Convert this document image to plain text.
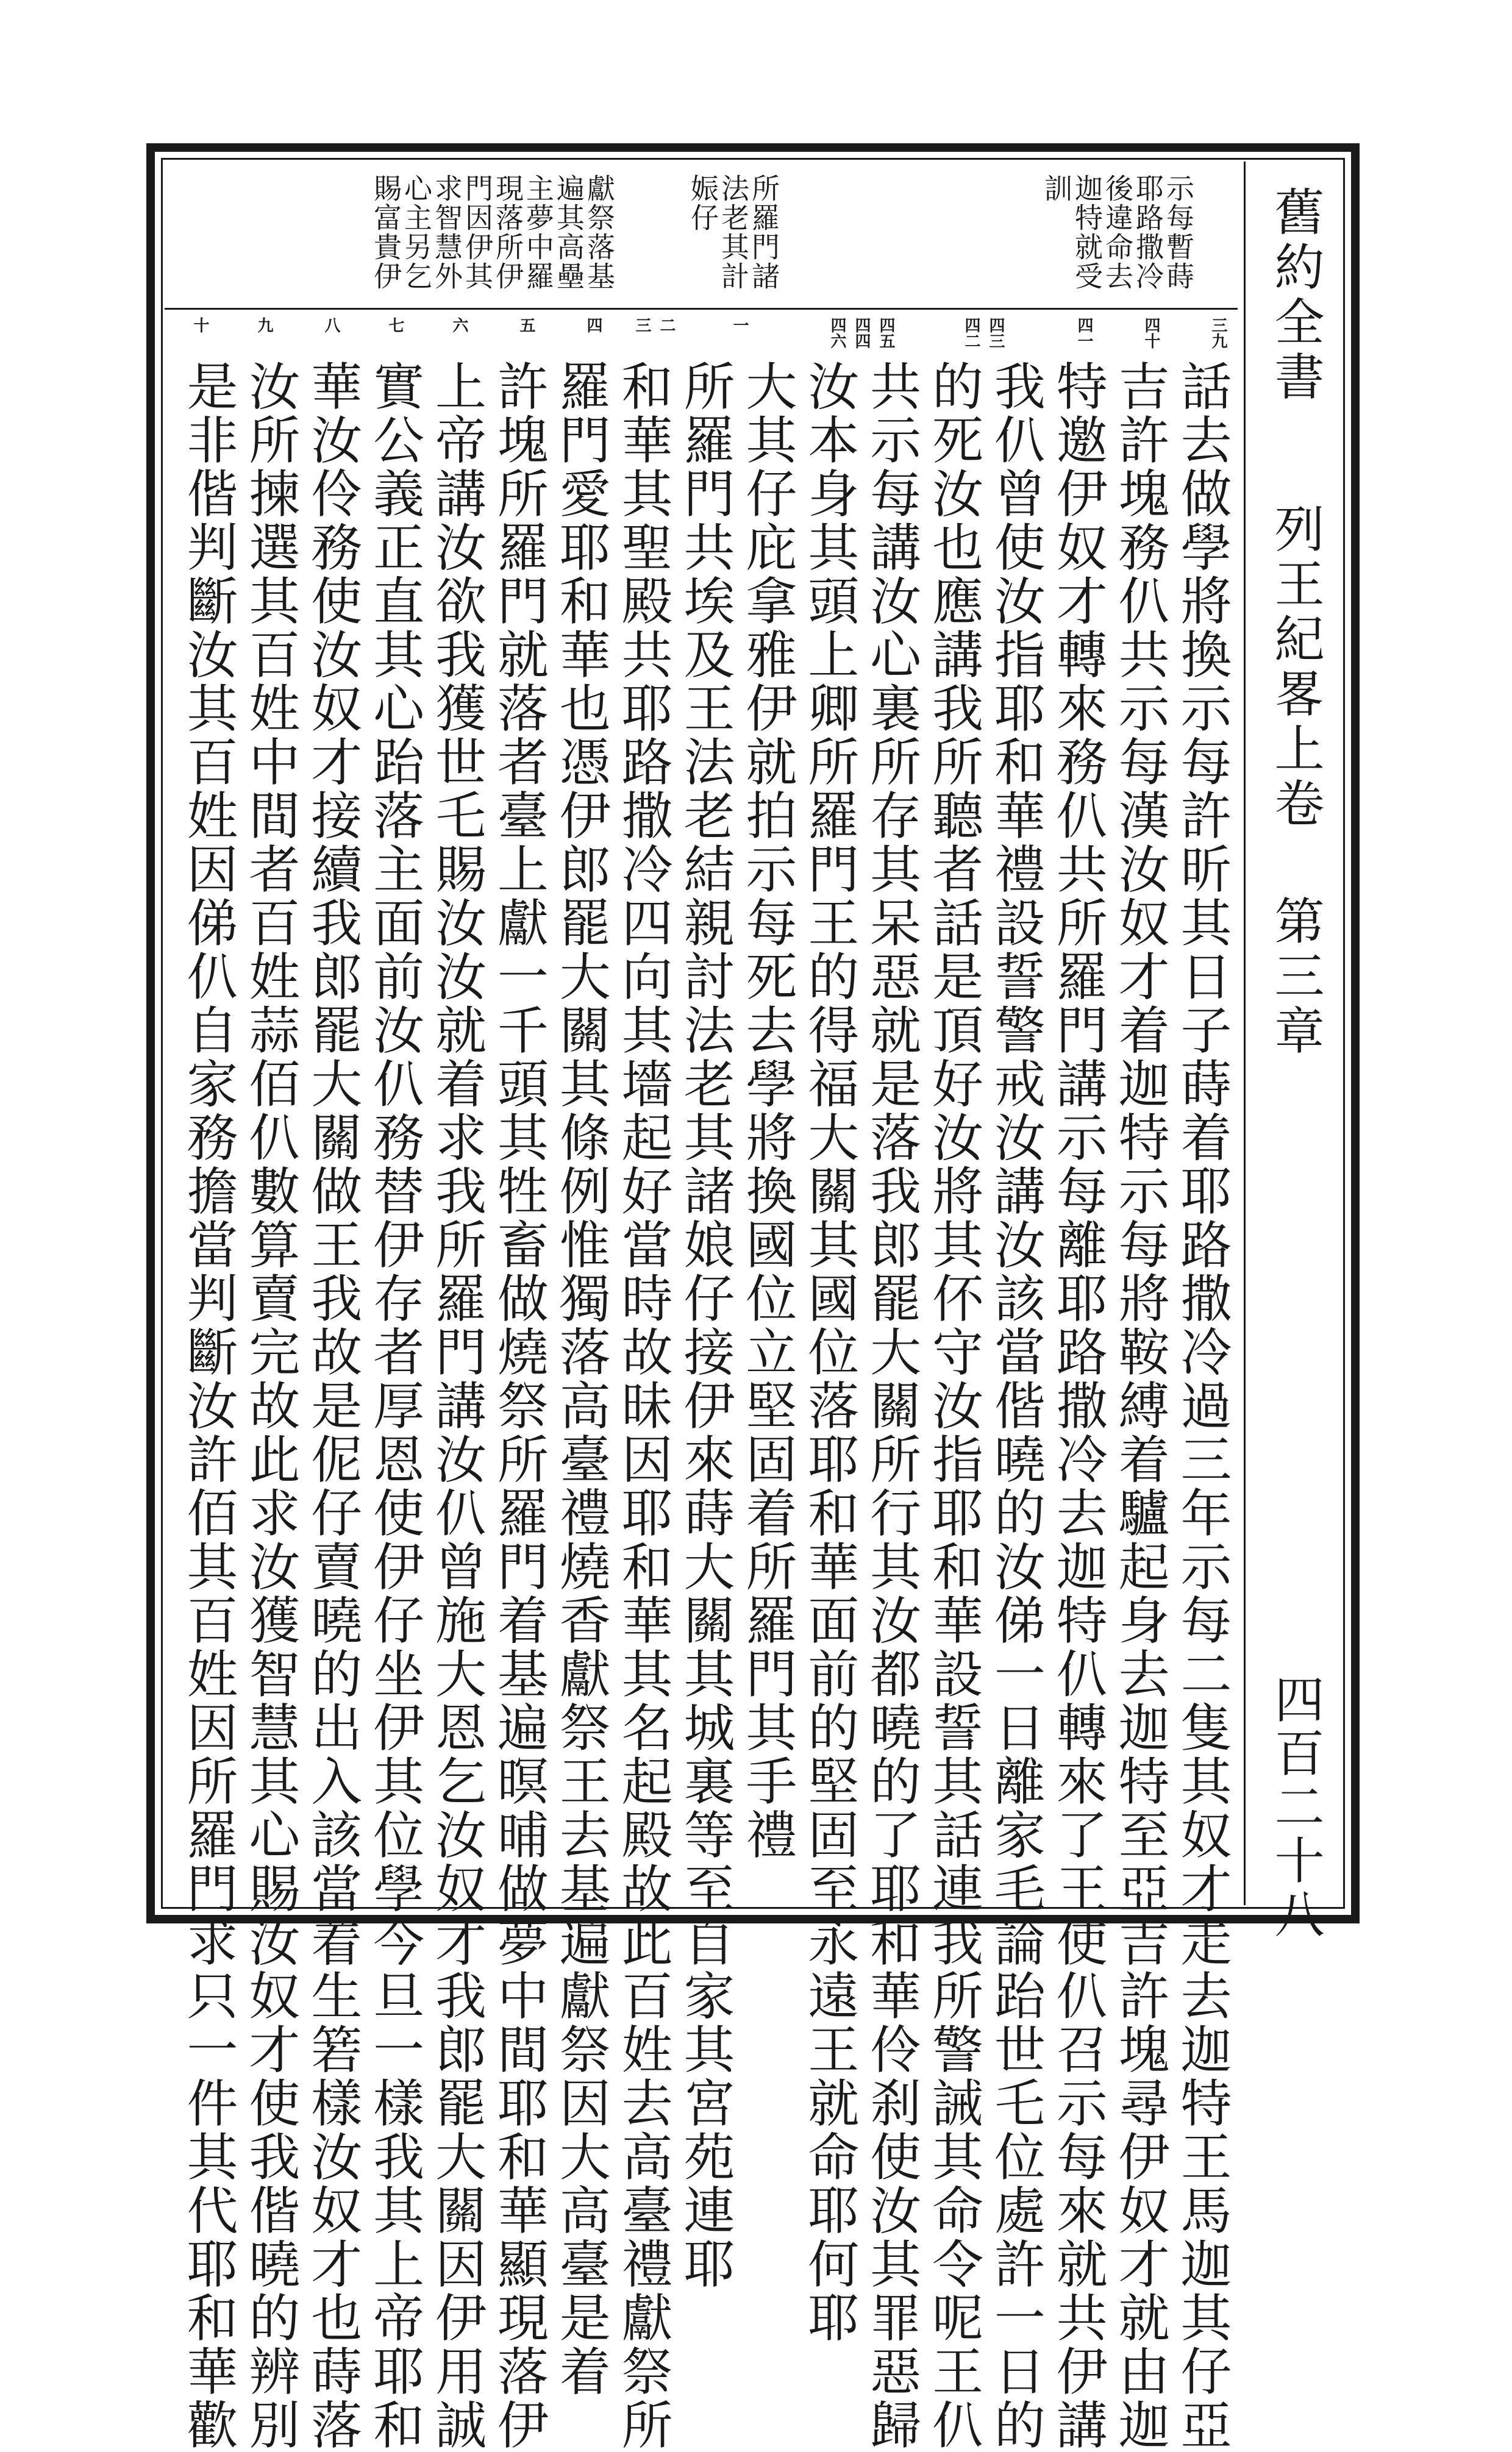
舊約全書
列王紀畧上卷 第三章
四百二十八
示每暫蒔
耶路撒冷
後違命去
迦特就受
訓
所羅門諸
法老其計
娠仔
獻祭落基
遍其高壘
主夢中羅
現落所伊
門因伊其
求智慧外
心主另乞
賜富貴伊
三九
四十
四一
四二 四三
四四 四五
四六
一
二
三
四
五
六
七
八
九
十
話去做學將換示每許昕其日子蒔着耶路撒冷過三年示每二隻其奴才走去迦特王馬迦其仔亞
吉許塊務仈共示每漢汝奴才着迦特示每將鞍縛着驢起身去迦特至亞吉許塊尋伊奴才就由迦
特邀伊奴才轉來務仈共所羅門講示每離耶路撒冷去迦特仈轉來了王使仈召示每來就共伊講
我仈曾使汝指耶和華禮設誓警戒汝講汝該當偕曉的汝俤一日離家毛論跆世乇位處許一日的
的死汝也應講我所聽者話是頂好汝將其伓守汝指耶和華設誓其話連我所警誡其命令呢王仈
共示每講汝心裏所存其呆惡就是落我郎罷大關所行其汝都曉的了耶和華伶刹使汝其罪惡歸
汝本身其頭上卿所羅門王的得福大關其國位落耶和華面前的堅固至永遠王就命耶何耶
大其仔庇拿雅伊就拍示每死去學將換國位立堅固着所羅門其手禮
所羅門共埃及王法老結親討法老其諸娘仔接伊來蒔大關其城裏等至自家其宮苑連耶
和華其聖殿共耶路撒冷四向其墻起好當時故昧因耶和華其名起殿故此百姓去高臺禮獻祭所
羅門愛耶和華也憑伊郎罷大關其條例惟獨落高臺禮燒香獻祭王去基遍獻祭因大高臺是着
許塊所羅門就落者臺上獻一千頭其牲畜做燒祭所羅門着基遍暝晡做夢中間耶和華顯現落伊
上帝講汝欲我獲世乇賜汝汝就着求我所羅門講汝仈曾施大恩乞汝奴才我郎罷大關因伊用誠
實公義正直其心跆落主面前汝仈務替伊存者厚恩使伊仔坐伊其位學今旦一樣我其上帝耶和
華汝伶務使汝奴才接續我郎罷大關做王我故是伲仔賣曉的出入該當着生箬樣汝奴才也蒔落
汝所揀選其百姓中間者百姓蒜佰仈數算賣完故此求汝獲智慧其心賜汝奴才使我偕曉的辨別
是非偕判斷汝其百姓因俤仈自家務擔當判斷汝許佰其百姓因所羅門求只一件其代耶和華歡
